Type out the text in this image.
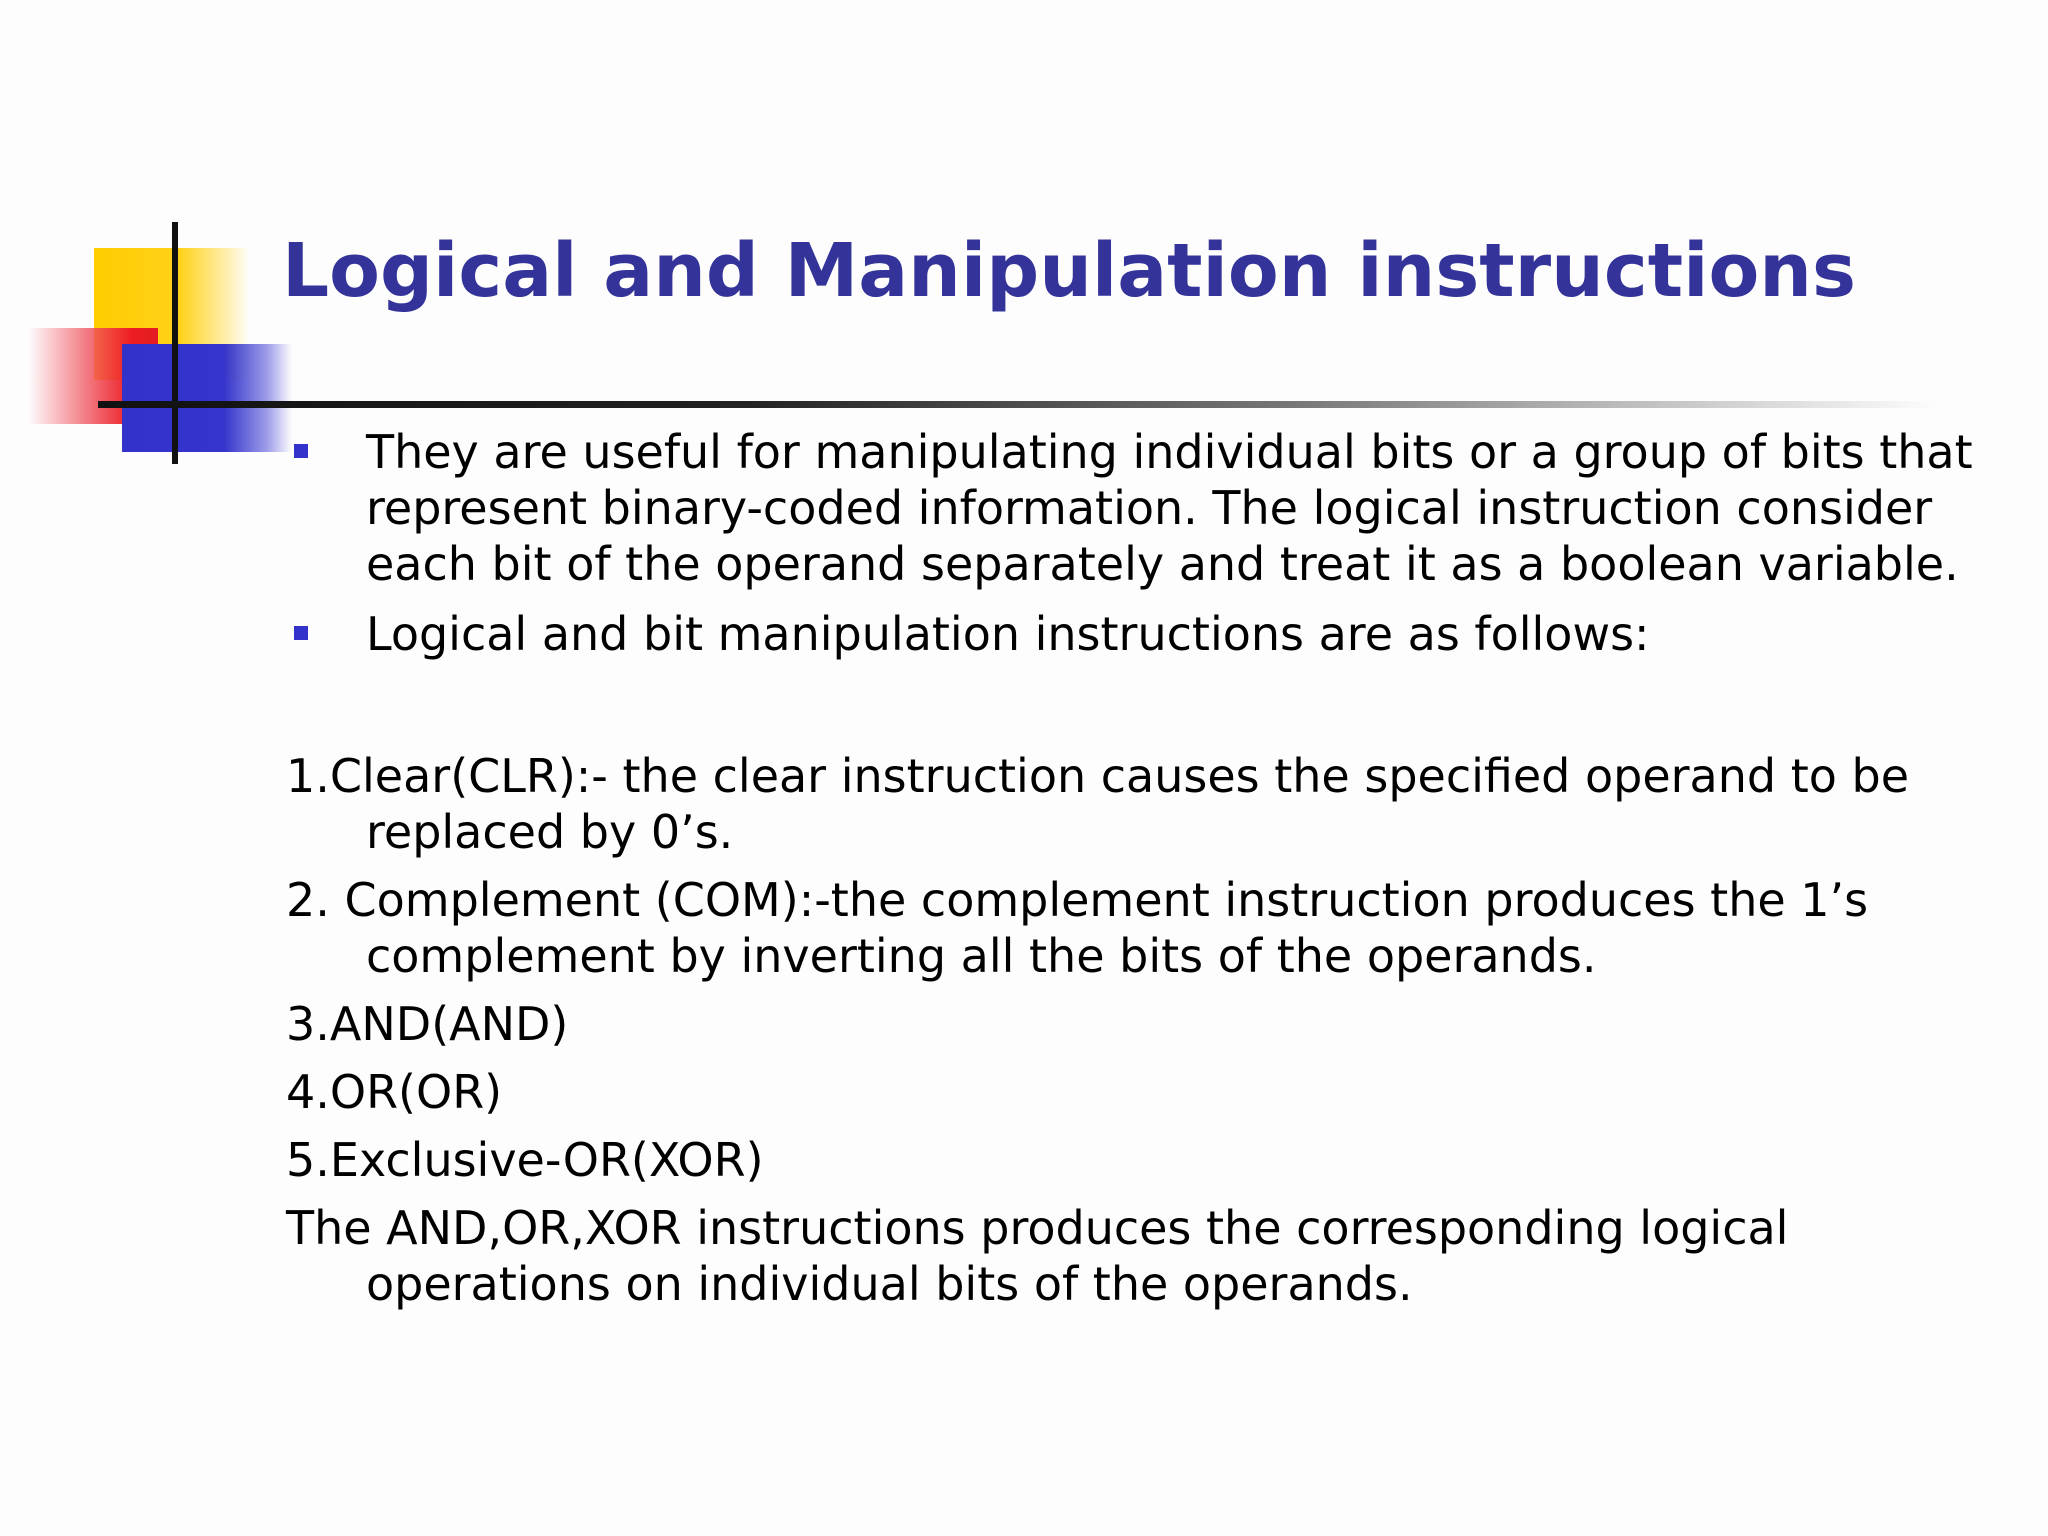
Logical and Manipulation instructions
They are useful for manipulating individual bits or a group of bits that represent binary-coded information. The logical instruction consider each bit of the operand separately and treat it as a boolean variable.
Logical and bit manipulation instructions are as follows:
1.Clear(CLR):- the clear instruction causes the specified operand to be replaced by 0’s.
2. Complement (COM):-the complement instruction produces the 1’s complement by inverting all the bits of the operands.
3.AND(AND)
4.OR(OR)
5.Exclusive-OR(XOR)
The AND,OR,XOR instructions produces the corresponding logical operations on individual bits of the operands.
